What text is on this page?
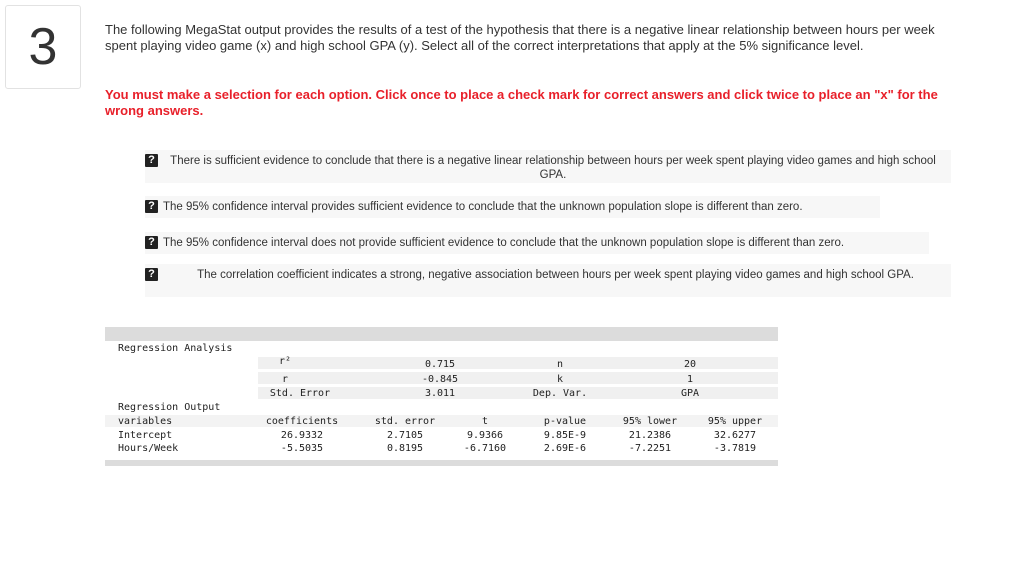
3	The following MegaStat output provides the results of a test of the hypothesis that there is a negative linear relationship between hours per week spent playing video game (x) and high school GPA (y). Select all of the correct interpretations that apply at the 5% significance level.
You must make a selection for each option. Click once to place a check mark for correct answers and click twice to place an "x" for the wrong answers.
?	There is sufficient evidence to conclude that there is a negative linear relationship between hours per week spent playing video games and high school GPA.
? The 95% confidence interval provides sufficient evidence to conclude that the unknown population slope is different than zero.
? The 95% confidence interval does not provide sufficient evidence to conclude that the unknown population slope is different than zero.
?	The correlation coefficient indicates a strong, negative association between hours per week spent playing video games and high school GPA.
Regression Analysis
r²	0.715	n	20
r	-0.845	k	1
Std. Error	3.011	Dep. Var.	GPA
Regression Output
variables	coefficients	std. error	t	p-value	95% lower	95% upper
Intercept	26.9332	2.7105	9.9366	9.85E-9	21.2386	32.6277
Hours/Week	-5.5035	0.8195	-6.7160	2.69E-6	-7.2251	-3.7819
